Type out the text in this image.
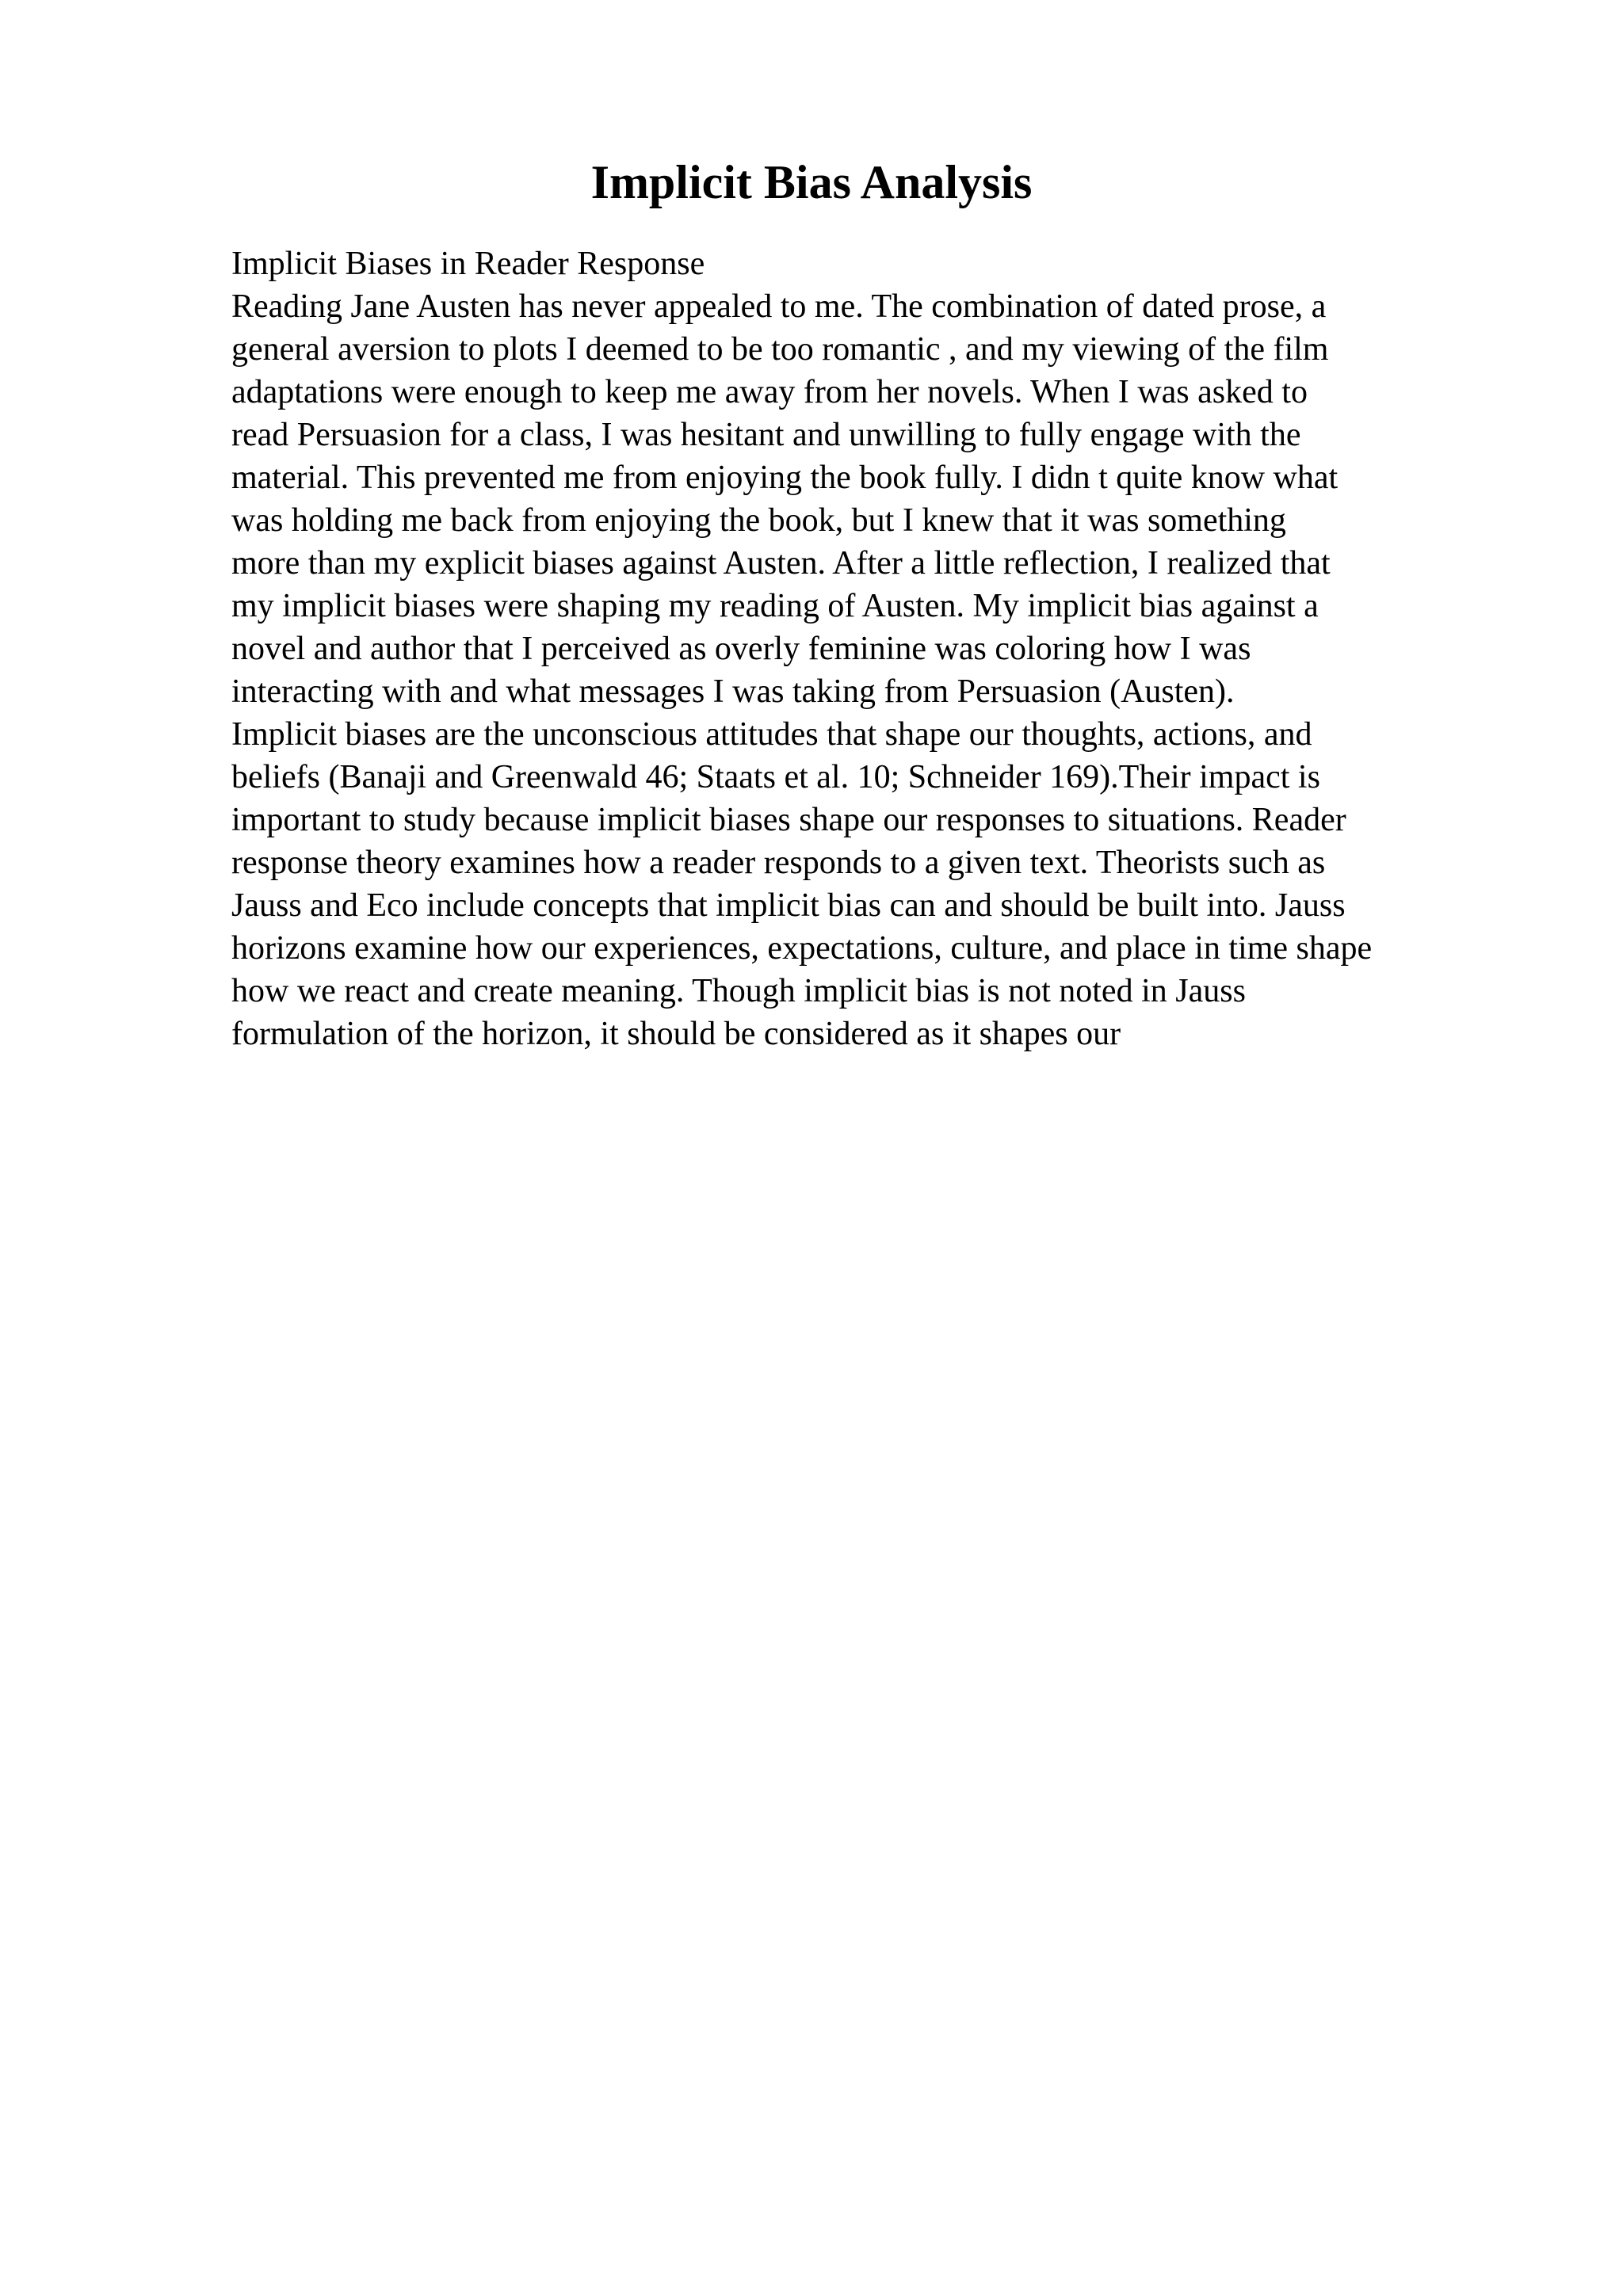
Implicit Bias Analysis
Implicit Biases in Reader Response
Reading Jane Austen has never appealed to me. The combination of dated prose, a
general aversion to plots I deemed to be too romantic , and my viewing of the film
adaptations were enough to keep me away from her novels. When I was asked to
read Persuasion for a class, I was hesitant and unwilling to fully engage with the
material. This prevented me from enjoying the book fully. I didn t quite know what
was holding me back from enjoying the book, but I knew that it was something
more than my explicit biases against Austen. After a little reflection, I realized that
my implicit biases were shaping my reading of Austen. My implicit bias against a
novel and author that I perceived as overly feminine was coloring how I was
interacting with and what messages I was taking from Persuasion (Austen).
Implicit biases are the unconscious attitudes that shape our thoughts, actions, and
beliefs (Banaji and Greenwald 46; Staats et al. 10; Schneider 169).Their impact is
important to study because implicit biases shape our responses to situations. Reader
response theory examines how a reader responds to a given text. Theorists such as
Jauss and Eco include concepts that implicit bias can and should be built into. Jauss
horizons examine how our experiences, expectations, culture, and place in time shape
how we react and create meaning. Though implicit bias is not noted in Jauss
formulation of the horizon, it should be considered as it shapes our
